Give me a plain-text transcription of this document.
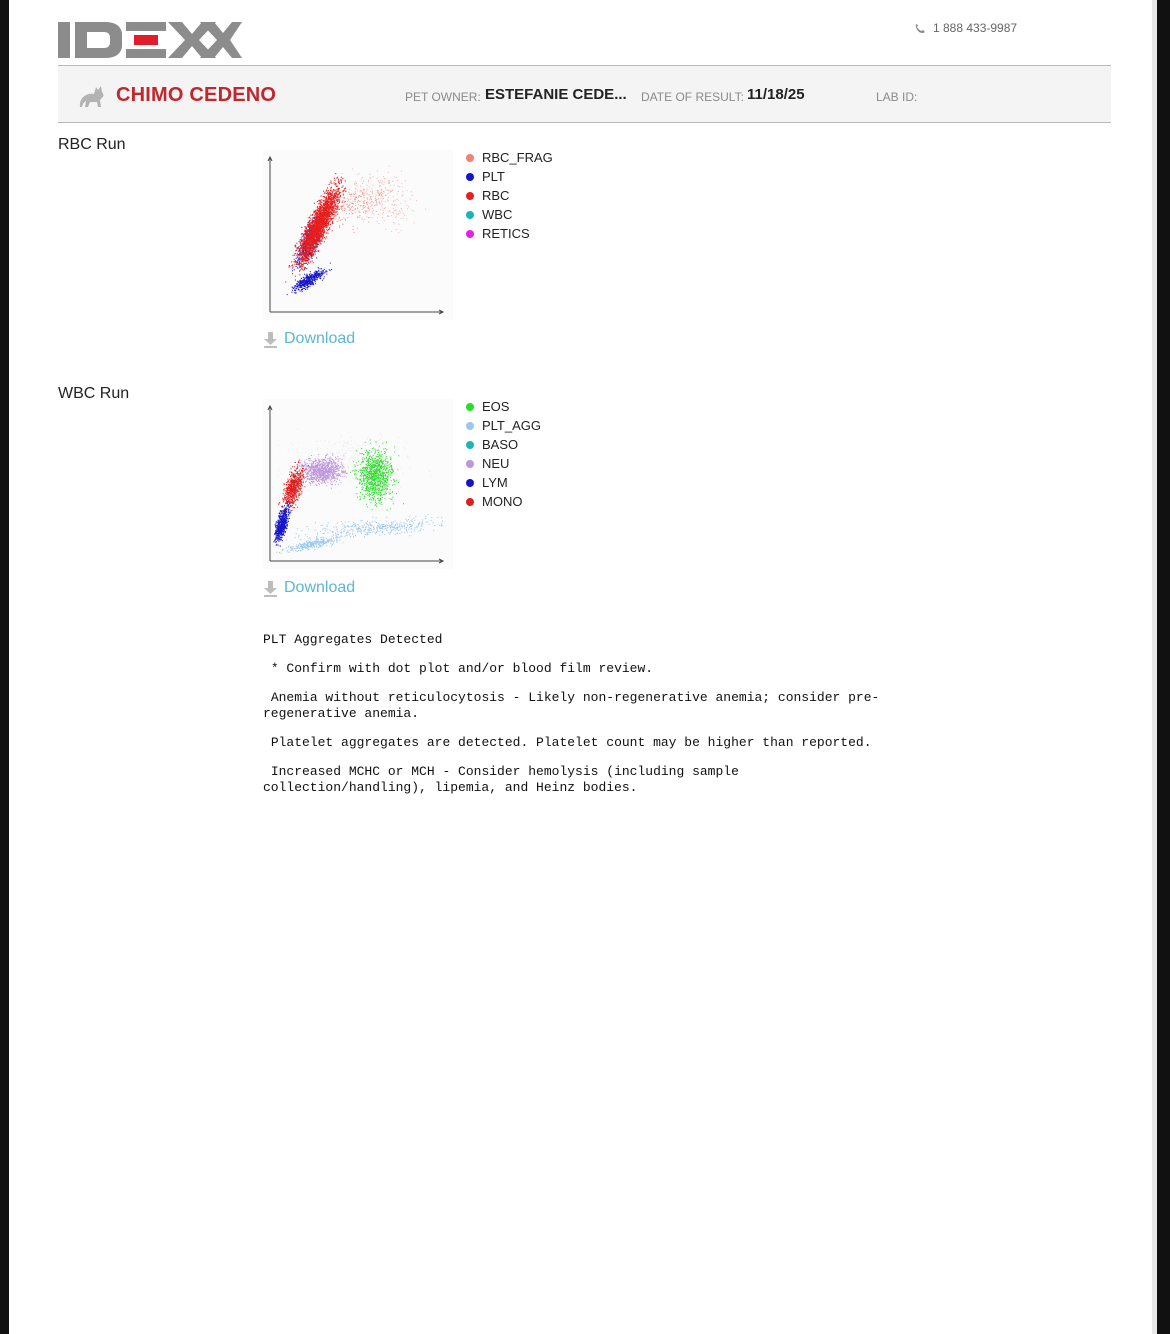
1 888 433-9987
CHIMO CEDENO	PET OWNER: ESTEFANIE CEDE... DATE OF RESULT: 11/18/25	LAB ID:
RBC Run
RBC_FRAG
PLT
RBC
WBC
RETICS
Download
WBC Run
EOS
PLT_AGG
BASO
NEU
LYM
MONO
Download

PLT Aggregates Detected

* Confirm with dot plot and/or blood film review.

Anemia without reticulocytosis - Likely non-regenerative anemia; consider pre-regenerative anemia.

Platelet aggregates are detected. Platelet count may be higher than reported.

Increased MCHC or MCH - Consider hemolysis (including sample collection/handling), lipemia, and Heinz bodies.
